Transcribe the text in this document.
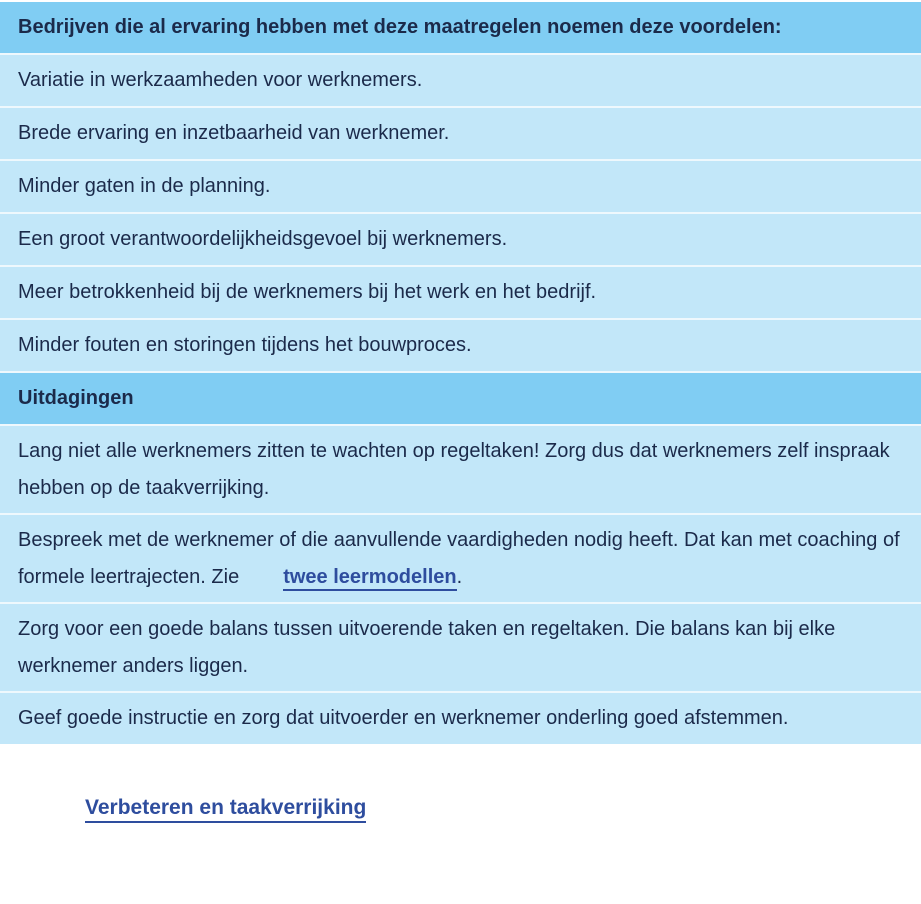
Bedrijven die al ervaring hebben met deze maatregelen noemen deze voordelen:
Variatie in werkzaamheden voor werknemers.
Brede ervaring en inzetbaarheid van werknemer.
Minder gaten in de planning.
Een groot verantwoordelijkheidsgevoel bij werknemers.
Meer betrokkenheid bij de werknemers bij het werk en het bedrijf.
Minder fouten en storingen tijdens het bouwproces.
Uitdagingen
Lang niet alle werknemers zitten te wachten op regeltaken! Zorg dus dat werknemers zelf inspraak hebben op de taakverrijking.
Bespreek met de werknemer of die aanvullende vaardigheden nodig heeft. Dat kan met coaching of formele leertrajecten. Zie twee leermodellen.
Zorg voor een goede balans tussen uitvoerende taken en regeltaken. Die balans kan bij elke werknemer anders liggen.
Geef goede instructie en zorg dat uitvoerder en werknemer onderling goed afstemmen.
Verbeteren en taakverrijking
